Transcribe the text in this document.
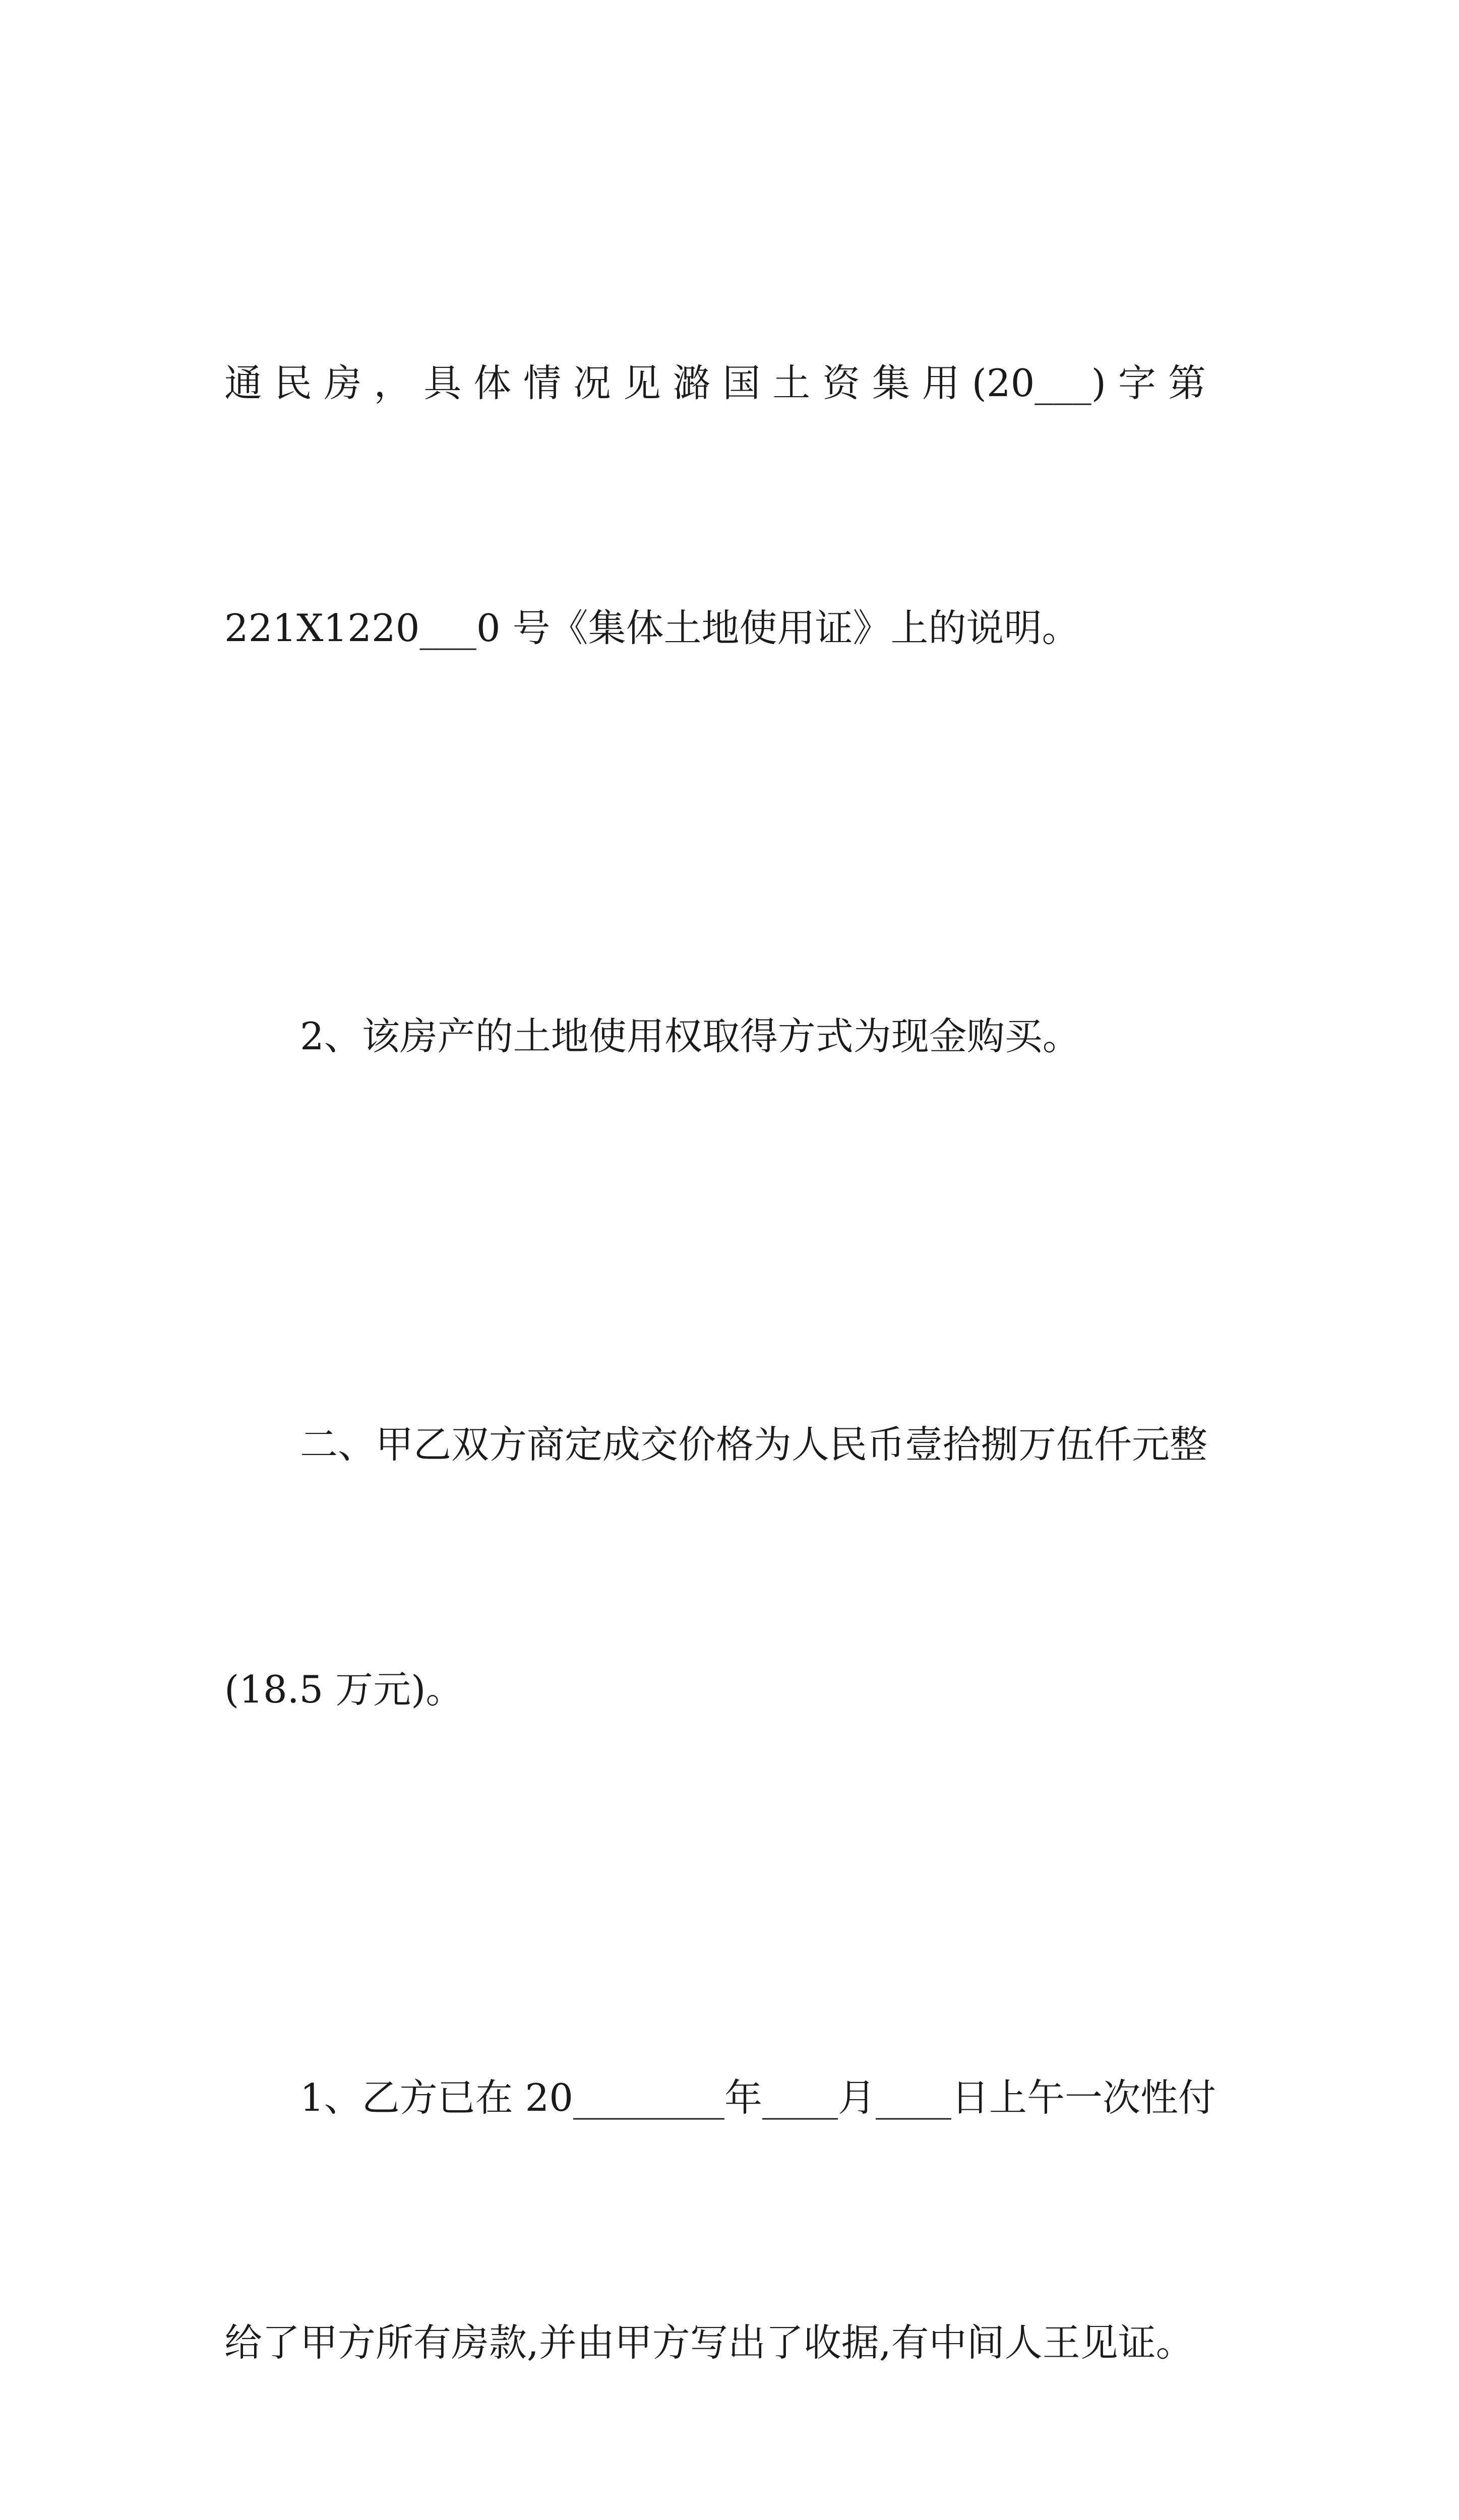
通 民 房 ， 具 体 情 况 见 潞 国 土 资 集 用 (20___) 字 第

221X1220___0 号《集体土地使用证》上的说明。

2、该房产的土地使用权取得方式为现金购买。

二、甲乙双方商定成交价格为人民币壹拾捌万伍仟元整

(18.5 万元)。

1、乙方已在 20________年____月____日上午一次性付

给了甲方所有房款,并由甲方写出了收据,有中间人王见证。
